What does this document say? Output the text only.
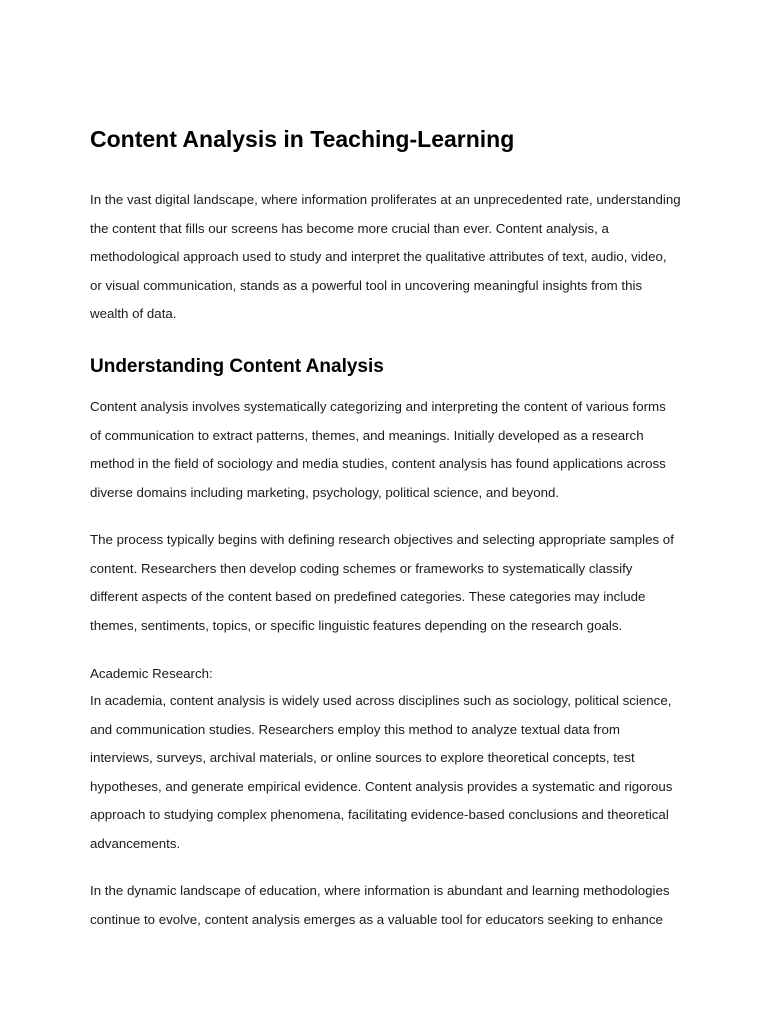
Content Analysis in Teaching-Learning
In the vast digital landscape, where information proliferates at an unprecedented rate, understanding
the content that fills our screens has become more crucial than ever. Content analysis, a
methodological approach used to study and interpret the qualitative attributes of text, audio, video,
or visual communication, stands as a powerful tool in uncovering meaningful insights from this
wealth of data.
Understanding Content Analysis
Content analysis involves systematically categorizing and interpreting the content of various forms
of communication to extract patterns, themes, and meanings. Initially developed as a research
method in the field of sociology and media studies, content analysis has found applications across
diverse domains including marketing, psychology, political science, and beyond.
The process typically begins with defining research objectives and selecting appropriate samples of
content. Researchers then develop coding schemes or frameworks to systematically classify
different aspects of the content based on predefined categories. These categories may include
themes, sentiments, topics, or specific linguistic features depending on the research goals.
Academic Research:
In academia, content analysis is widely used across disciplines such as sociology, political science,
and communication studies. Researchers employ this method to analyze textual data from
interviews, surveys, archival materials, or online sources to explore theoretical concepts, test
hypotheses, and generate empirical evidence. Content analysis provides a systematic and rigorous
approach to studying complex phenomena, facilitating evidence-based conclusions and theoretical
advancements.
In the dynamic landscape of education, where information is abundant and learning methodologies
continue to evolve, content analysis emerges as a valuable tool for educators seeking to enhance
